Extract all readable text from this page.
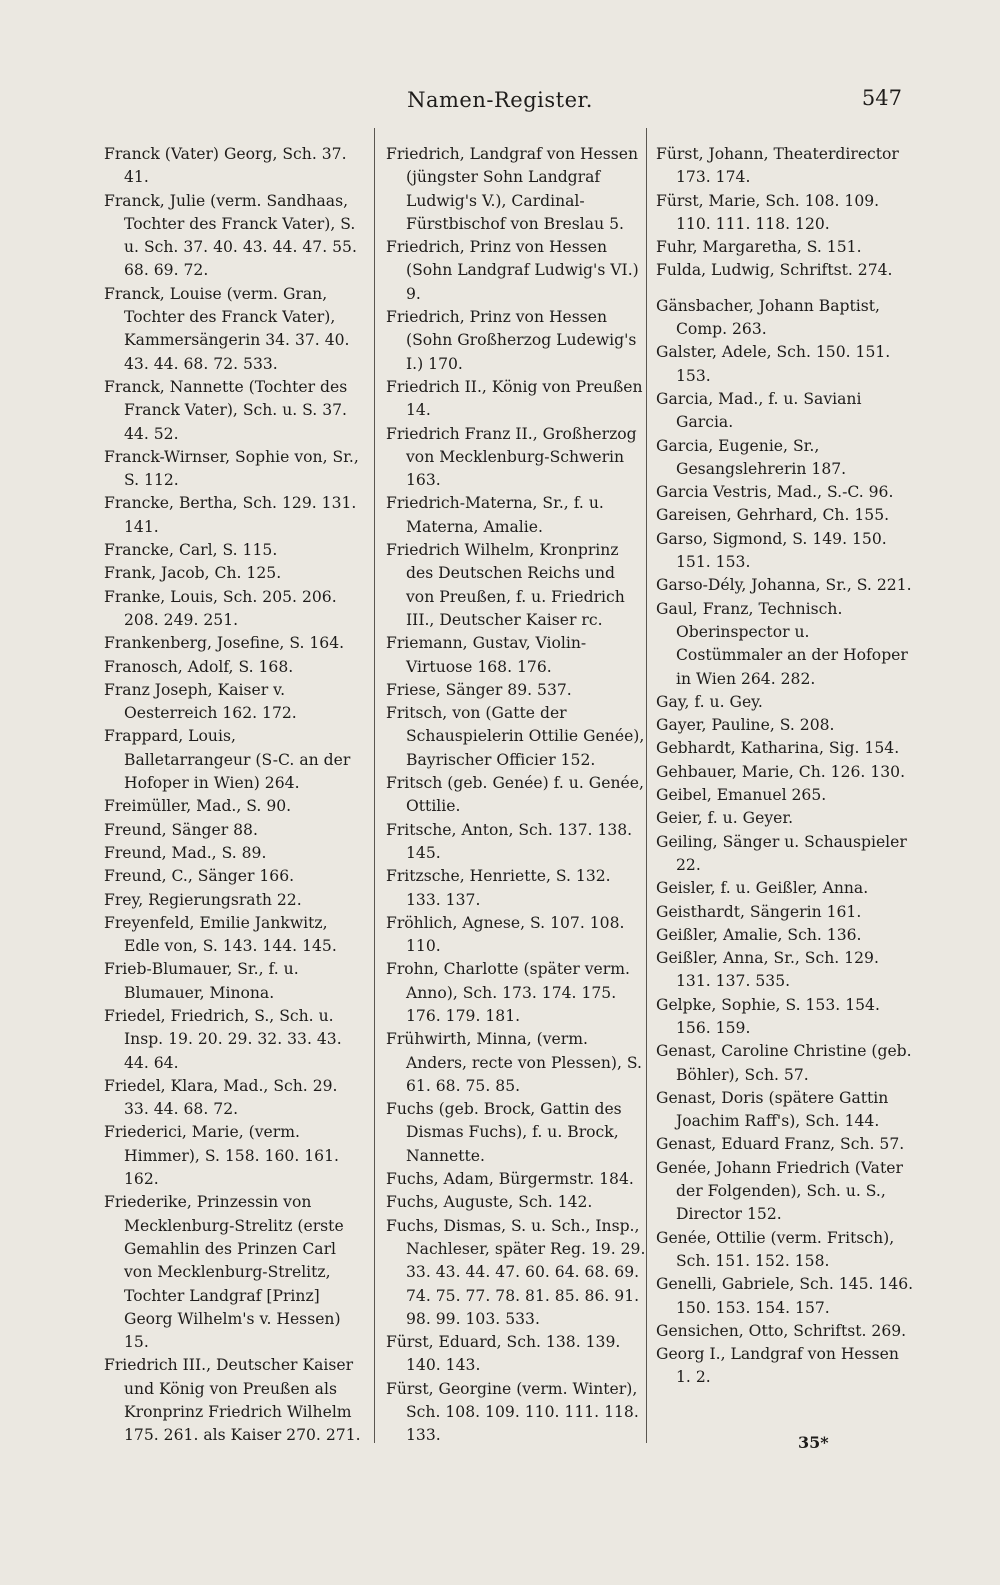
Namen-Register.	547

Franck (Vater) Georg, Sch. 37. 41.

Franck, Julie (verm. Sandhaas, Tochter des Franck Vater), S. u. Sch. 37. 40. 43. 44. 47. 55. 68. 69. 72.

Franck, Louise (verm. Gran, Tochter des Franck Vater), Kammersängerin 34. 37. 40. 43. 44. 68. 72. 533.

Franck, Nannette (Tochter des Franck Vater), Sch. u. S. 37. 44. 52.

Franck-Wirnser, Sophie von, Sr., S. 112.

Francke, Bertha, Sch. 129. 131. 141.

Francke, Carl, S. 115.

Frank, Jacob, Ch. 125.

Franke, Louis, Sch. 205. 206. 208. 249. 251.

Frankenberg, Josefine, S. 164.

Franosch, Adolf, S. 168.

Franz Joseph, Kaiser v. Oesterreich 162. 172.

Frappard, Louis, Balletarrangeur (S-C. an der Hofoper in Wien) 264.

Freimüller, Mad., S. 90.

Freund, Sänger 88.

Freund, Mad., S. 89.

Freund, C., Sänger 166.

Frey, Regierungsrath 22.

Freyenfeld, Emilie Jankwitz, Edle von, S. 143. 144. 145.

Frieb-Blumauer, Sr., f. u. Blumauer, Minona.

Friedel, Friedrich, S., Sch. u. Insp. 19. 20. 29. 32. 33. 43. 44. 64.

Friedel, Klara, Mad., Sch. 29. 33. 44. 68. 72.

Friederici, Marie, (verm. Himmer), S. 158. 160. 161. 162.

Friederike, Prinzessin von Mecklenburg-Strelitz (erste Gemahlin des Prinzen Carl von Mecklenburg-Strelitz, Tochter Landgraf [Prinz] Georg Wilhelm's v. Hessen) 15.

Friedrich III., Deutscher Kaiser und König von Preußen als Kronprinz Friedrich Wilhelm 175. 261. als Kaiser 270. 271.

Friedrich, Landgraf von Hessen (jüngster Sohn Landgraf Ludwig's V.), Cardinal-Fürstbischof von Breslau 5.

Friedrich, Prinz von Hessen (Sohn Landgraf Ludwig's VI.) 9.

Friedrich, Prinz von Hessen (Sohn Großherzog Ludewig's I.) 170.

Friedrich II., König von Preußen 14.

Friedrich Franz II., Großherzog von Mecklenburg-Schwerin 163.

Friedrich-Materna, Sr., f. u. Materna, Amalie.

Friedrich Wilhelm, Kronprinz des Deutschen Reichs und von Preußen, f. u. Friedrich III., Deutscher Kaiser rc.

Friemann, Gustav, Violin-Virtuose 168. 176.

Friese, Sänger 89. 537.

Fritsch, von (Gatte der Schauspielerin Ottilie Genée), Bayrischer Officier 152.

Fritsch (geb. Genée) f. u. Genée, Ottilie.

Fritsche, Anton, Sch. 137. 138. 145.

Fritzsche, Henriette, S. 132. 133. 137.

Fröhlich, Agnese, S. 107. 108. 110.

Frohn, Charlotte (später verm. Anno), Sch. 173. 174. 175. 176. 179. 181.

Frühwirth, Minna, (verm. Anders, recte von Plessen), S. 61. 68. 75. 85.

Fuchs (geb. Brock, Gattin des Dismas Fuchs), f. u. Brock, Nannette.

Fuchs, Adam, Bürgermstr. 184.

Fuchs, Auguste, Sch. 142.

Fuchs, Dismas, S. u. Sch., Insp., Nachleser, später Reg. 19. 29. 33. 43. 44. 47. 60. 64. 68. 69. 74. 75. 77. 78. 81. 85. 86. 91. 98. 99. 103. 533.

Fürst, Eduard, Sch. 138. 139. 140. 143.

Fürst, Georgine (verm. Winter), Sch. 108. 109. 110. 111. 118. 133.

Fürst, Johann, Theaterdirector 173. 174.

Fürst, Marie, Sch. 108. 109. 110. 111. 118. 120.

Fuhr, Margaretha, S. 151.

Fulda, Ludwig, Schriftst. 274.

Gänsbacher, Johann Baptist, Comp. 263.

Galster, Adele, Sch. 150. 151. 153.

Garcia, Mad., f. u. Saviani Garcia.

Garcia, Eugenie, Sr., Gesangslehrerin 187.

Garcia Vestris, Mad., S.-C. 96.

Gareisen, Gehrhard, Ch. 155.

Garso, Sigmond, S. 149. 150. 151. 153.

Garso-Dély, Johanna, Sr., S. 221.

Gaul, Franz, Technisch. Oberinspector u. Costümmaler an der Hofoper in Wien 264. 282.

Gay, f. u. Gey.

Gayer, Pauline, S. 208.

Gebhardt, Katharina, Sig. 154.

Gehbauer, Marie, Ch. 126. 130.

Geibel, Emanuel 265.

Geier, f. u. Geyer.

Geiling, Sänger u. Schauspieler 22.

Geisler, f. u. Geißler, Anna.

Geisthardt, Sängerin 161.

Geißler, Amalie, Sch. 136.

Geißler, Anna, Sr., Sch. 129. 131. 137. 535.

Gelpke, Sophie, S. 153. 154. 156. 159.

Genast, Caroline Christine (geb. Böhler), Sch. 57.

Genast, Doris (spätere Gattin Joachim Raff's), Sch. 144.

Genast, Eduard Franz, Sch. 57.

Genée, Johann Friedrich (Vater der Folgenden), Sch. u. S., Director 152.

Genée, Ottilie (verm. Fritsch), Sch. 151. 152. 158.

Genelli, Gabriele, Sch. 145. 146. 150. 153. 154. 157.

Gensichen, Otto, Schriftst. 269.

Georg I., Landgraf von Hessen 1. 2.

35*
